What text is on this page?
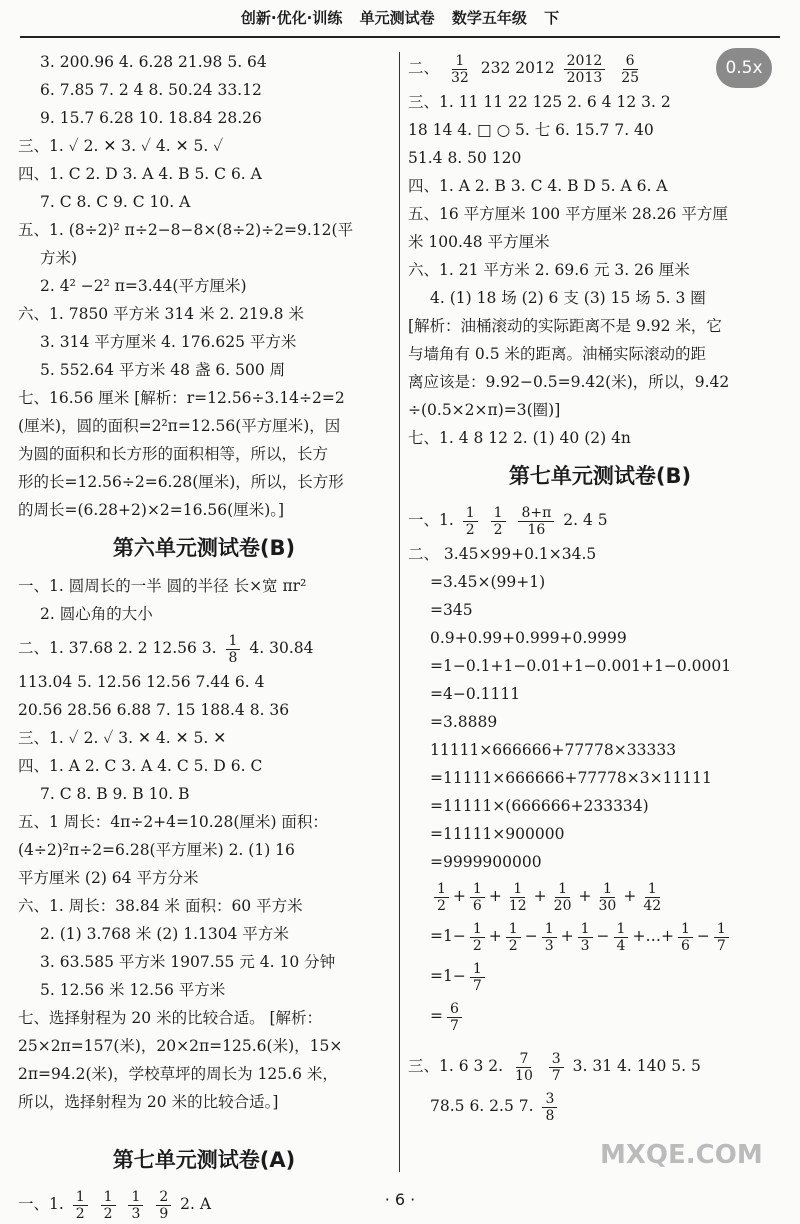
创新·优化·训练 单元测试卷 数学五年级 下
0.5x
3. 200.96 4. 6.28 21.98 5. 64
6. 7.85 7. 2 4 8. 50.24 33.12
9. 15.7 6.28 10. 18.84 28.26
三、1. ✓ 2. ✕ 3. ✓ 4. ✕ 5. ✓
四、1. C 2. D 3. A 4. B 5. C 6. A
7. C 8. C 9. C 10. A
五、1. (8÷2)² π÷2−8−8×(8÷2)÷2=9.12(平
方米)
2. 4² −2² π=3.44(平方厘米)
六、1. 7850 平方米 314 米 2. 219.8 米
3. 314 平方厘米 4. 176.625 平方米
5. 552.64 平方米 48 盏 6. 500 周
七、16.56 厘米 [解析：r=12.56÷3.14÷2=2
(厘米)，圆的面积=2²π=12.56(平方厘米)，因
为圆的面积和长方形的面积相等，所以，长方
形的长=12.56÷2=6.28(厘米)，所以，长方形
的周长=(6.28+2)×2=16.56(厘米)。]
第六单元测试卷(B)
一、1. 圆周长的一半 圆的半径 长×宽 πr²
2. 圆心角的大小
二、1. 37.68 2. 2 12.56 3. $\frac{1}{8} 4$. 30.84
113.04 5. 12.56 12.56 7.44 6. 4
20.56 28.56 6.88 7. 15 188.4 8. 36
三、1. ✓ 2. ✓ 3. ✕ 4. ✕ 5. ✕
四、1. A 2. C 3. A 4. C 5. D 6. C
7. C 8. B 9. B 10. B
五、1 周长：4π÷2+4=10.28(厘米) 面积：
(4÷2)²π÷2=6.28(平方厘米) 2. (1) 16
平方厘米 (2) 64 平方分米
六、1. 周长：38.84 米 面积：60 平方米
2. (1) 3.768 米 (2) 1.1304 平方米
3. 63.585 平方米 1907.55 元 4. 10 分钟
5. 12.56 米 12.56 平方米
七、选择射程为 20 米的比较合适。 [解析：
25×2π=157(米)，20×2π=125.6(米)，15×
2π=94.2(米)，学校草坪的周长为 125.6 米，
所以，选择射程为 20 米的比较合适。]
第七单元测试卷(A)
一、1. $\frac{1}{2}$
$\frac{1}{2}$
$\frac{1}{3}$
$\frac{2}{9} 2$. A
二、 $\frac{1}{32} 232$ $2012 \frac{2012}{2013}$
$\frac{6}{25}$
三、1. 11 11 22 125 2. 6 4 12 3. 2
18 14 4. □ ○ 5. 七 6. 15.7 7. 40
51.4 8. 50 120
四、1. A 2. B 3. C 4. B D 5. A 6. A
五、16 平方厘米 100 平方厘米 28.26 平方厘
米 100.48 平方厘米
六、1. 21 平方米 2. 69.6 元 3. 26 厘米
4. (1) 18 场 (2) 6 支 (3) 15 场 5. 3 圈
[解析：油桶滚动的实际距离不是 9.92 米，它
与墙角有 0.5 米的距离。油桶实际滚动的距
离应该是：9.92−0.5=9.42(米)，所以，9.42
÷(0.5×2×π)=3(圈)]
七、1. 4 8 12 2. (1) 40 (2) 4n
第七单元测试卷(B)
一、1. $\frac{1}{2}$
$\frac{1}{2}$
$\frac{8+\pi}{16} 2$. 4 5
二、 3.45×99+0.1×34.5
=3.45×(99+1)
=345
0.9+0.99+0.999+0.9999
=1−0.1+1−0.01+1−0.001+1−0.0001
=4−0.1111
=3.8889
11111×666666+77778×33333
=11111×666666+77778×3×11111
=11111×(666666+233334)
=11111×900000
=9999900000
$\frac{1}{2} + \frac{1}{6} + \frac{1}{12} + \frac{1}{20} + \frac{1}{30} + \frac{1}{42}$
$=1- \frac{1}{2} + \frac{1}{2} - \frac{1}{3} + \frac{1}{3} - \frac{1}{4}$ +…+ $\frac{1}{6} - \frac{1}{7}$
$=1- \frac{1}{7}$
= $\frac{6}{7}$
三、1. 6 3 2. $\frac{7}{10}$
$\frac{3}{7} 3$. 31 4. 140 5. 5
78.5 6. 2.5 7. $\frac{3}{8}$
MXQE.COM
· 6 ·
